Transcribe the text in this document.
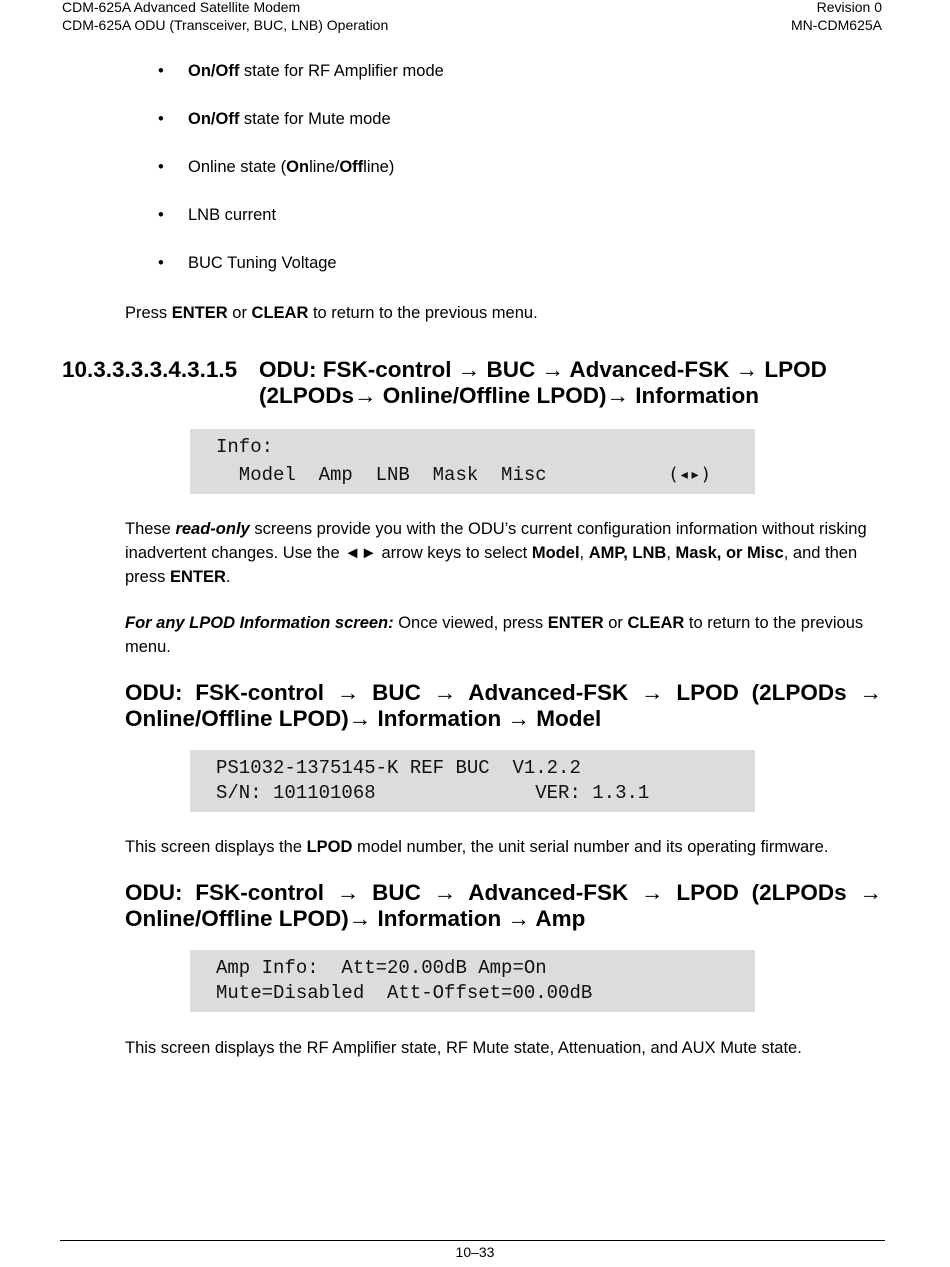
CDM-625A Advanced Satellite Modem
CDM-625A ODU (Transceiver, BUC, LNB) Operation
Revision 0
MN-CDM625A
• On/Off state for RF Amplifier mode
• On/Off state for Mute mode
• Online state (Online/Offline)
• LNB current
• BUC Tuning Voltage
Press ENTER or CLEAR to return to the previous menu.
10.3.3.3.3.4.3.1.5 ODU: FSK-control → BUC → Advanced-FSK → LPOD
(2LPODs→ Online/Offline LPOD)→ Information

Info:

Model  Amp  LNB  Mask  Misc

	(◂▸)

These read-only screens provide you with the ODU’s current configuration information without risking inadvertent changes. Use the ◄► arrow keys to select Model, AMP, LNB, Mask, or Misc, and then press ENTER.
For any LPOD Information screen: Once viewed, press ENTER or CLEAR to return to the previous menu.
ODU: FSK-control → BUC → Advanced-FSK → LPOD (2LPODs →
Online/Offline LPOD)→ Information → Model

PS1032-1375145-K REF BUC  V1.2.2

S/N: 101101068              VER: 1.3.1

This screen displays the LPOD model number, the unit serial number and its operating firmware.
ODU: FSK-control → BUC → Advanced-FSK → LPOD (2LPODs →
Online/Offline LPOD)→ Information → Amp

Amp Info:  Att=20.00dB Amp=On

Mute=Disabled  Att-Offset=00.00dB

This screen displays the RF Amplifier state, RF Mute state, Attenuation, and AUX Mute state.
10–33
